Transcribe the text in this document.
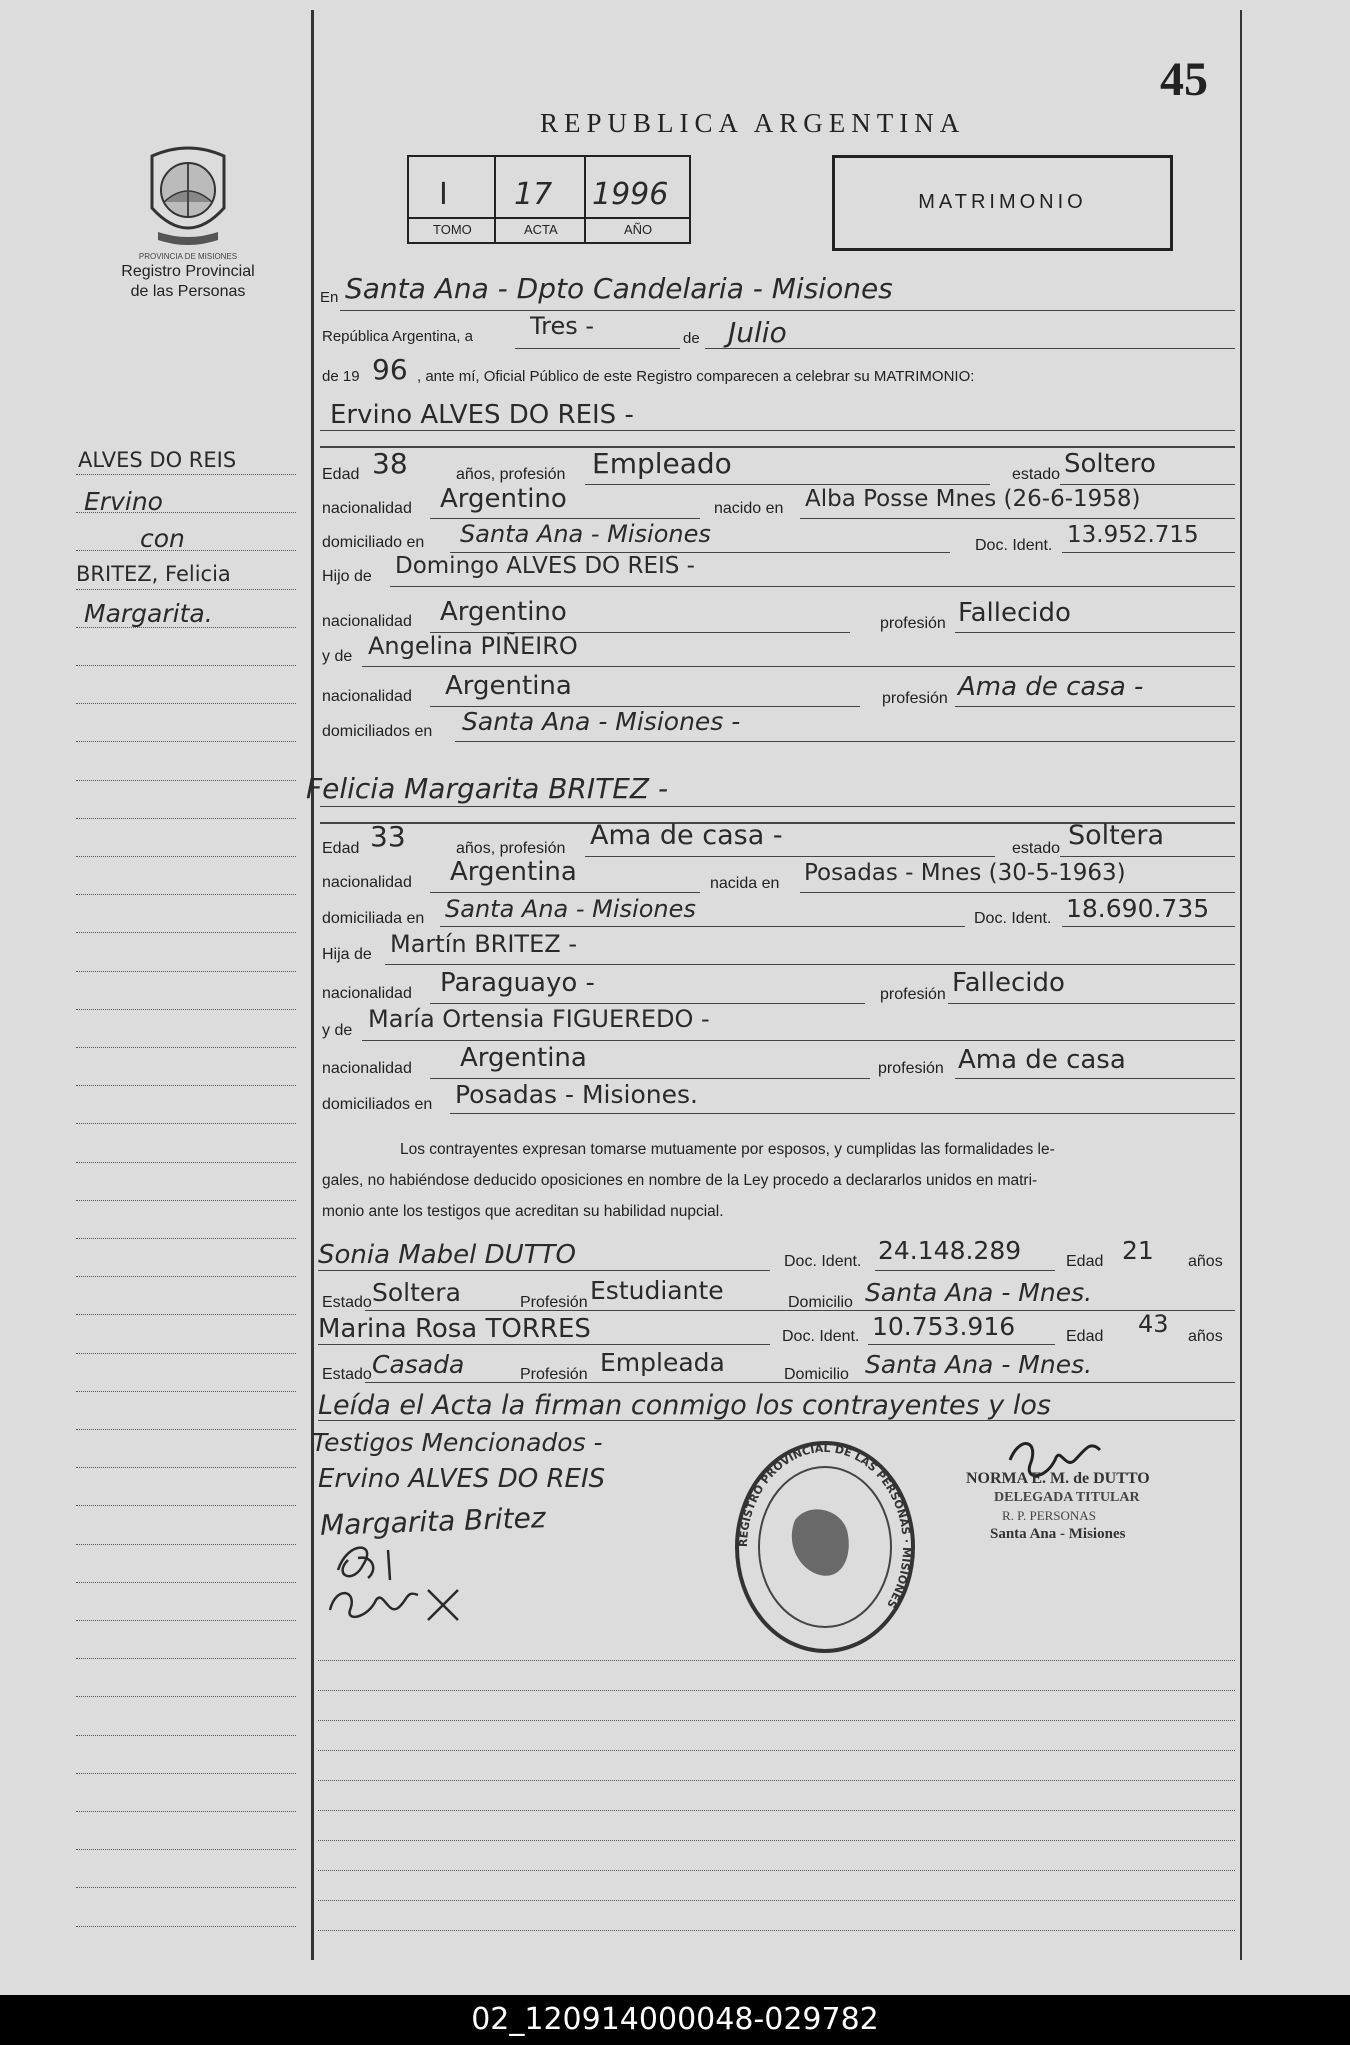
45
REPUBLICA ARGENTINA
I 17 1996
TOMO	ACTA	AÑO
MATRIMONIO
PROVINCIA DE MISIONES
Registro Provincial
de las Personas
ALVES DO REIS
Ervino
con
BRITEZ, Felicia
Margarita.
En Santa Ana - Dpto Candelaria - Misiones
República Argentina, a Tres -	de Julio
de 19 96 , ante mí, Oficial Público de este Registro comparecen a celebrar su MATRIMONIO:
Ervino ALVES DO REIS -
Edad 38	años, profesión Empleado	estado Soltero
nacionalidad Argentino	nacido en Alba Posse Mnes (26-6-1958)
domiciliado en Santa Ana - Misiones	Doc. Ident. 13.952.715
Hijo de Domingo ALVES DO REIS -
nacionalidad Argentino	profesión Fallecido
y de Angelina PIÑEIRO
nacionalidad Argentina	profesión Ama de casa -
domiciliados en Santa Ana - Misiones -
Felicia Margarita BRITEZ -
Edad 33	años, profesión Ama de casa -	estado Soltera
nacionalidad Argentina	nacida en Posadas - Mnes (30-5-1963)
domiciliada en Santa Ana - Misiones	Doc. Ident. 18.690.735
Hija de Martín BRITEZ -
nacionalidad Paraguayo -	profesión Fallecido
y de María Ortensia FIGUEREDO -
nacionalidad Argentina	profesión Ama de casa
domiciliados en Posadas - Misiones.
Los contrayentes expresan tomarse mutuamente por esposos, y cumplidas las formalidades le-
gales, no habiéndose deducido oposiciones en nombre de la Ley procedo a declararlos unidos en matri-
monio ante los testigos que acreditan su habilidad nupcial.
Sonia Mabel DUTTO	Doc. Ident. 24.148.289	Edad 21 años
Estado Soltera	Profesión Estudiante	Domicilio Santa Ana - Mnes.
Marina Rosa TORRES	Doc. Ident. 10.753.916	Edad 43 años
Estado Casada	Profesión Empleada	Domicilio Santa Ana - Mnes.
Leída el Acta la firman conmigo los contrayentes y los
Testigos Mencionados -
Ervino ALVES DO REIS
Margarita Britez
REGISTRO PROVINCIAL DE LAS PERSONAS · MISIONES
NORMA E. M. de DUTTO
DELEGADA TITULAR
R. P. PERSONAS
Santa Ana - Misiones
02_120914000048-029782
